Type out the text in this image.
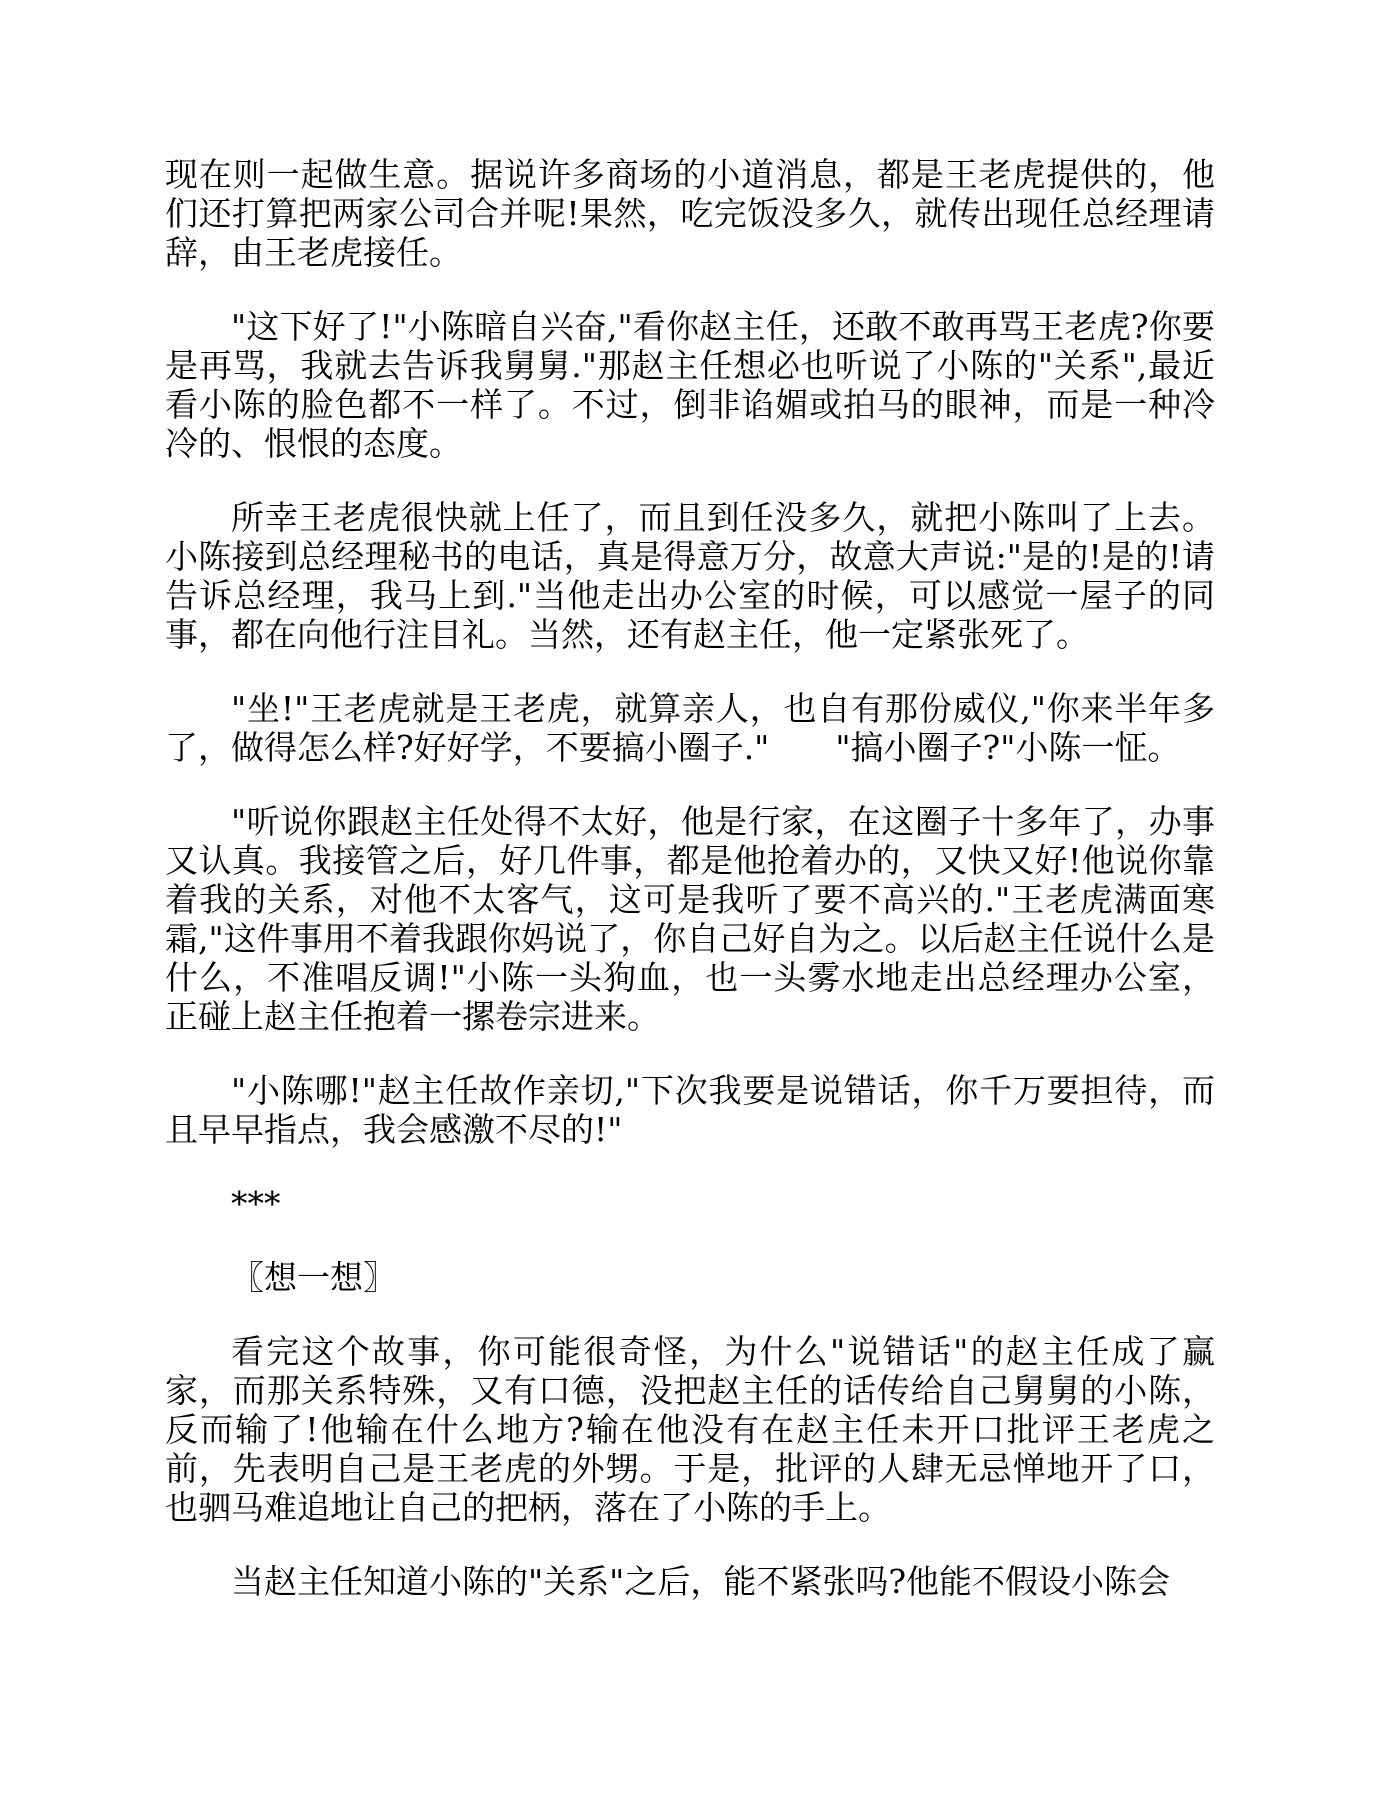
现在则一起做生意。据说许多商场的小道消息，都是王老虎提供的，他们还打算把两家公司合并呢!果然，吃完饭没多久，就传出现任总经理请辞，由王老虎接任。

"这下好了!"小陈暗自兴奋,"看你赵主任，还敢不敢再骂王老虎?你要是再骂，我就去告诉我舅舅."那赵主任想必也听说了小陈的"关系",最近看小陈的脸色都不一样了。不过，倒非谄媚或拍马的眼神，而是一种冷冷的、恨恨的态度。

所幸王老虎很快就上任了，而且到任没多久，就把小陈叫了上去。小陈接到总经理秘书的电话，真是得意万分，故意大声说:"是的!是的!请告诉总经理，我马上到."当他走出办公室的时候，可以感觉一屋子的同事，都在向他行注目礼。当然，还有赵主任，他一定紧张死了。

"坐!"王老虎就是王老虎，就算亲人，也自有那份威仪,"你来半年多了，做得怎么样?好好学，不要搞小圈子."　　"搞小圈子?"小陈一怔。

"听说你跟赵主任处得不太好，他是行家，在这圈子十多年了，办事又认真。我接管之后，好几件事，都是他抢着办的，又快又好!他说你靠着我的关系，对他不太客气，这可是我听了要不高兴的."王老虎满面寒霜,"这件事用不着我跟你妈说了，你自己好自为之。以后赵主任说什么是什么，不准唱反调!"小陈一头狗血，也一头雾水地走出总经理办公室，正碰上赵主任抱着一摞卷宗进来。

"小陈哪!"赵主任故作亲切,"下次我要是说错话，你千万要担待，而且早早指点，我会感激不尽的!"

***

〖想一想〗

看完这个故事，你可能很奇怪，为什么"说错话"的赵主任成了赢家，而那关系特殊，又有口德，没把赵主任的话传给自己舅舅的小陈，反而输了!他输在什么地方?输在他没有在赵主任未开口批评王老虎之前，先表明自己是王老虎的外甥。于是，批评的人肆无忌惮地开了口，也驷马难追地让自己的把柄，落在了小陈的手上。

当赵主任知道小陈的"关系"之后，能不紧张吗?他能不假设小陈会
